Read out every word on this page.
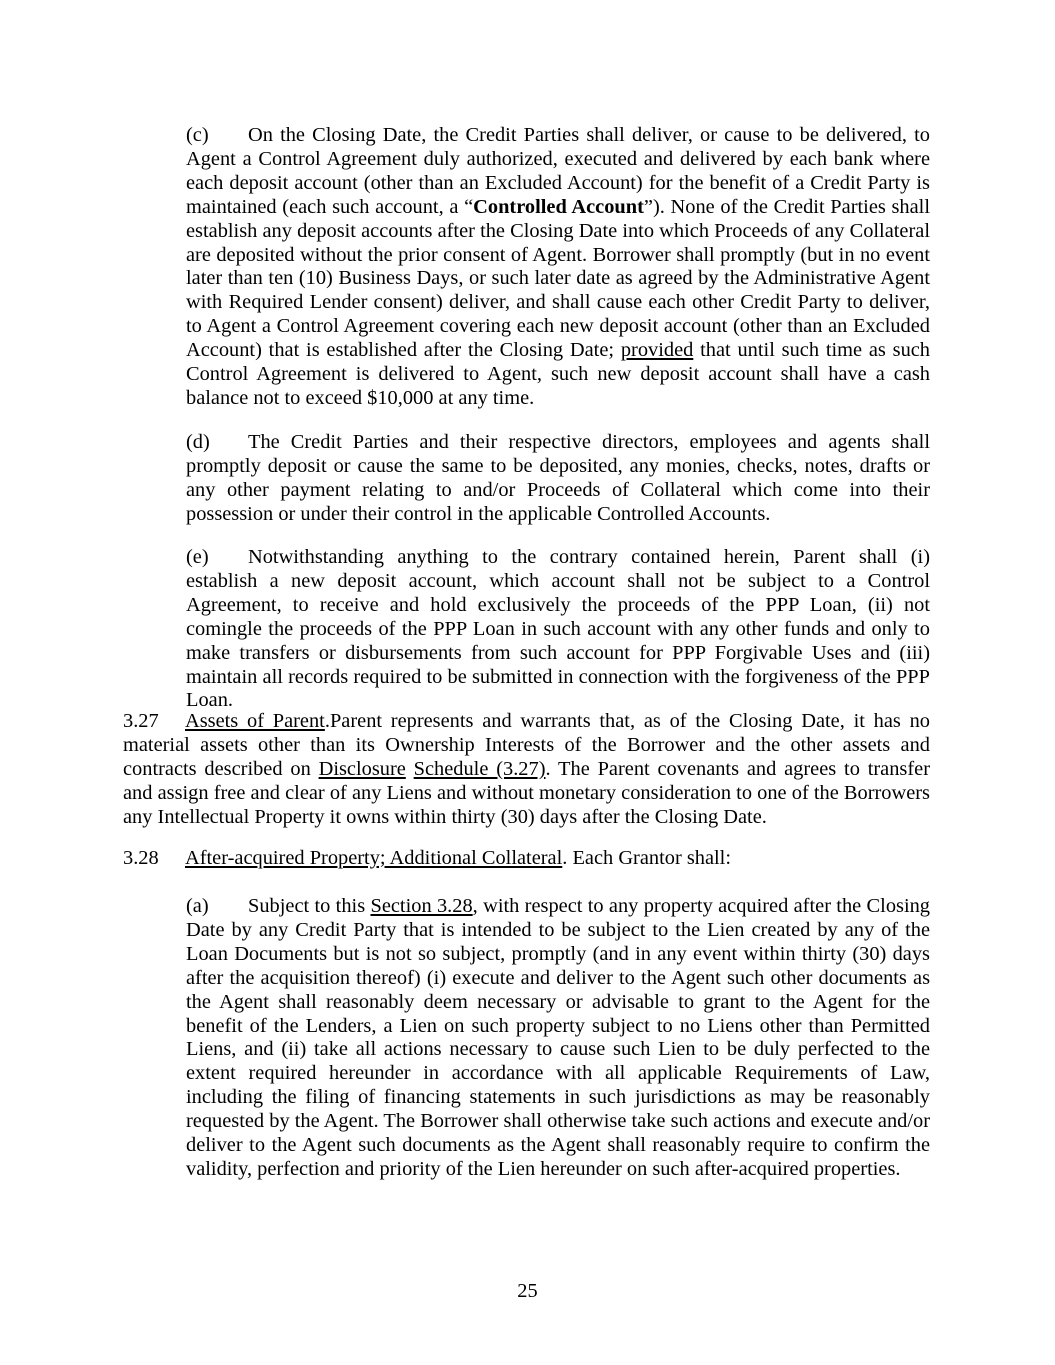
(c) On the Closing Date, the Credit Parties shall deliver, or cause to be delivered, to Agent a Control Agreement duly authorized, executed and delivered by each bank where each deposit account (other than an Excluded Account) for the benefit of a Credit Party is maintained (each such account, a “Controlled Account”). None of the Credit Parties shall establish any deposit accounts after the Closing Date into which Proceeds of any Collateral are deposited without the prior consent of Agent. Borrower shall promptly (but in no event later than ten (10) Business Days, or such later date as agreed by the Administrative Agent with Required Lender consent) deliver, and shall cause each other Credit Party to deliver, to Agent a Control Agreement covering each new deposit account (other than an Excluded Account) that is established after the Closing Date; provided that until such time as such Control Agreement is delivered to Agent, such new deposit account shall have a cash balance not to exceed $10,000 at any time.
(d) The Credit Parties and their respective directors, employees and agents shall promptly deposit or cause the same to be deposited, any monies, checks, notes, drafts or any other payment relating to and/or Proceeds of Collateral which come into their possession or under their control in the applicable Controlled Accounts.
(e) Notwithstanding anything to the contrary contained herein, Parent shall (i) establish a new deposit account, which account shall not be subject to a Control Agreement, to receive and hold exclusively the proceeds of the PPP Loan, (ii) not comingle the proceeds of the PPP Loan in such account with any other funds and only to make transfers or disbursements from such account for PPP Forgivable Uses and (iii) maintain all records required to be submitted in connection with the forgiveness of the PPP Loan.
3.27 Assets of Parent.Parent represents and warrants that, as of the Closing Date, it has no material assets other than its Ownership Interests of the Borrower and the other assets and contracts described on Disclosure Schedule (3.27). The Parent covenants and agrees to transfer and assign free and clear of any Liens and without monetary consideration to one of the Borrowers any Intellectual Property it owns within thirty (30) days after the Closing Date.
3.28 After-acquired Property; Additional Collateral. Each Grantor shall:
(a) Subject to this Section 3.28, with respect to any property acquired after the Closing Date by any Credit Party that is intended to be subject to the Lien created by any of the Loan Documents but is not so subject, promptly (and in any event within thirty (30) days after the acquisition thereof) (i) execute and deliver to the Agent such other documents as the Agent shall reasonably deem necessary or advisable to grant to the Agent for the benefit of the Lenders, a Lien on such property subject to no Liens other than Permitted Liens, and (ii) take all actions necessary to cause such Lien to be duly perfected to the extent required hereunder in accordance with all applicable Requirements of Law, including the filing of financing statements in such jurisdictions as may be reasonably requested by the Agent. The Borrower shall otherwise take such actions and execute and/or deliver to the Agent such documents as the Agent shall reasonably require to confirm the validity, perfection and priority of the Lien hereunder on such after-acquired properties.
25
